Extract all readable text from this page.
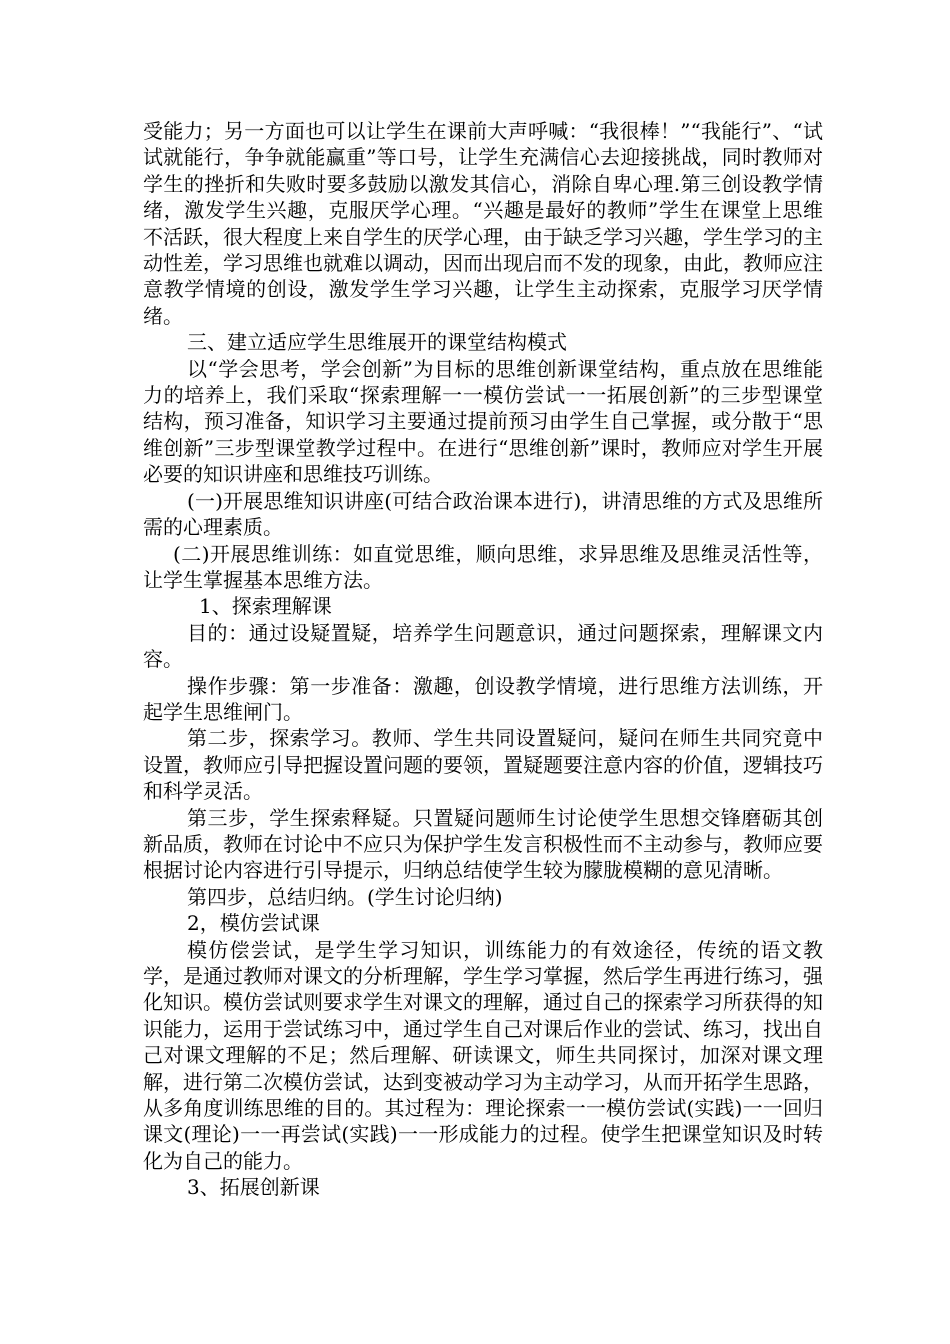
受能力；另一方面也可以让学生在课前大声呼喊：“我很棒！”“我能行”、“试试就能行，争争就能赢重”等口号，让学生充满信心去迎接挑战，同时教师对学生的挫折和失败时要多鼓励以激发其信心，消除自卑心理.第三创设教学情绪，激发学生兴趣，克服厌学心理。“兴趣是最好的教师”学生在课堂上思维不活跃，很大程度上来自学生的厌学心理，由于缺乏学习兴趣，学生学习的主动性差，学习思维也就难以调动，因而出现启而不发的现象，由此，教师应注意教学情境的创设，激发学生学习兴趣，让学生主动探索，克服学习厌学情绪。

三、建立适应学生思维展开的课堂结构模式

以“学会思考，学会创新”为目标的思维创新课堂结构，重点放在思维能力的培养上，我们采取“探索理解一一模仿尝试一一拓展创新”的三步型课堂结构，预习准备，知识学习主要通过提前预习由学生自己掌握，或分散于“思维创新”三步型课堂教学过程中。在进行“思维创新”课时，教师应对学生开展必要的知识讲座和思维技巧训练。

(一)开展思维知识讲座(可结合政治课本进行)，讲清思维的方式及思维所需的心理素质。

(二)开展思维训练：如直觉思维，顺向思维，求异思维及思维灵活性等，让学生掌握基本思维方法。

1、探索理解课

目的：通过设疑置疑，培养学生问题意识，通过问题探索，理解课文内容。

操作步骤：第一步准备：激趣，创设教学情境，进行思维方法训练，开起学生思维闸门。

第二步，探索学习。教师、学生共同设置疑问，疑问在师生共同究竟中设置，教师应引导把握设置问题的要领，置疑题要注意内容的价值，逻辑技巧和科学灵活。

第三步，学生探索释疑。只置疑问题师生讨论使学生思想交锋磨砺其创新品质，教师在讨论中不应只为保护学生发言积极性而不主动参与，教师应要根据讨论内容进行引导提示，归纳总结使学生较为朦胧模糊的意见清晰。

第四步，总结归纳。(学生讨论归纳)

2，模仿尝试课

模仿偿尝试，是学生学习知识，训练能力的有效途径，传统的语文教学，是通过教师对课文的分析理解，学生学习掌握，然后学生再进行练习，强化知识。模仿尝试则要求学生对课文的理解，通过自己的探索学习所获得的知识能力，运用于尝试练习中，通过学生自己对课后作业的尝试、练习，找出自己对课文理解的不足；然后理解、研读课文，师生共同探讨，加深对课文理解，进行第二次模仿尝试，达到变被动学习为主动学习，从而开拓学生思路，从多角度训练思维的目的。其过程为：理论探索一一模仿尝试(实践)一一回归课文(理论)一一再尝试(实践)一一形成能力的过程。使学生把课堂知识及时转化为自己的能力。

3、拓展创新课
